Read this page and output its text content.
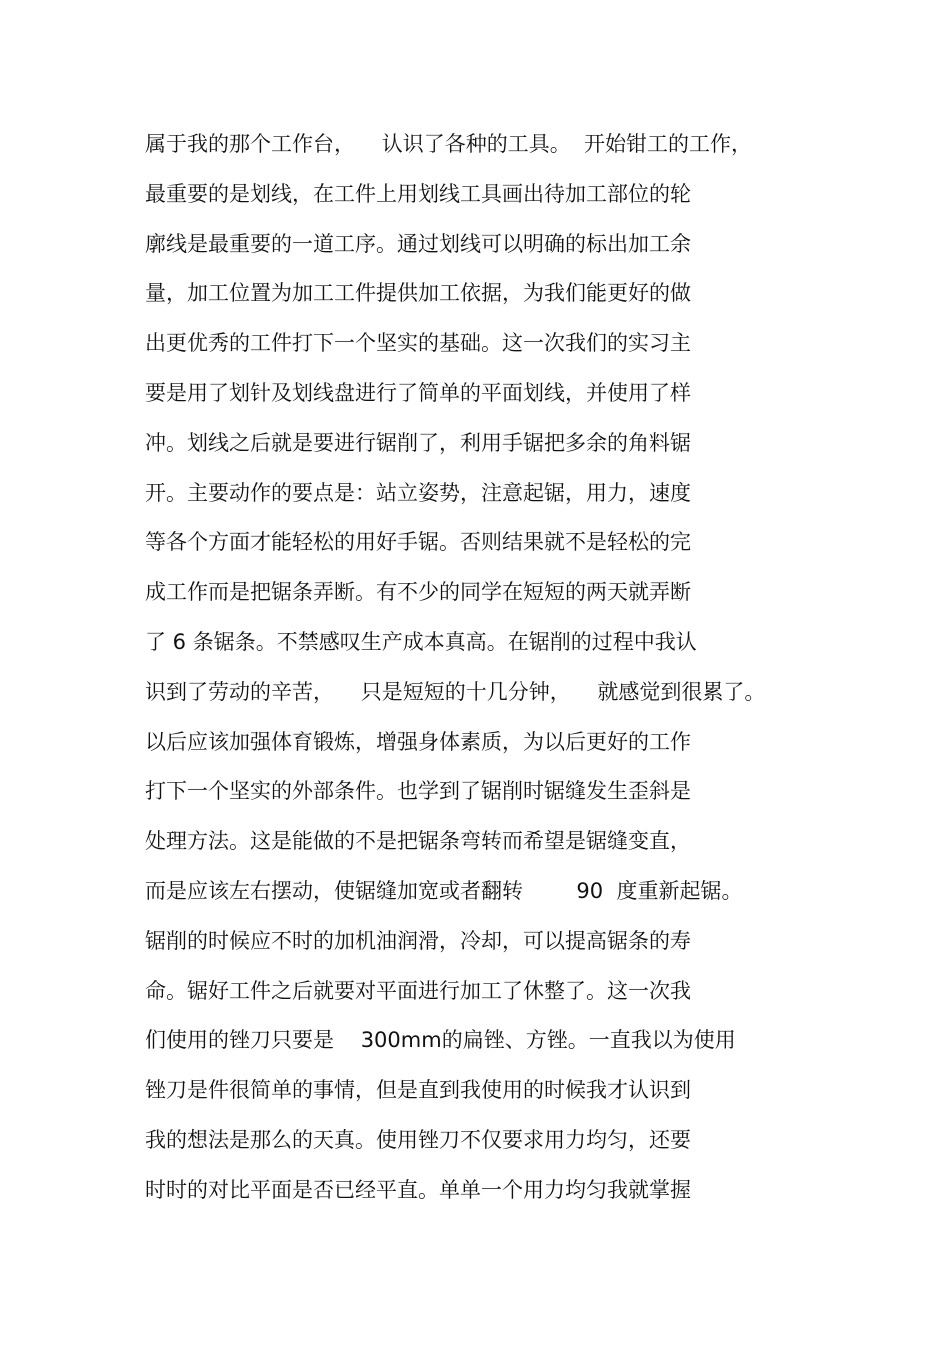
属于我的那个工作台，    认识了各种的工具。  开始钳工的工作，
最重要的是划线，在工件上用划线工具画出待加工部位的轮
廓线是最重要的一道工序。通过划线可以明确的标出加工余
量，加工位置为加工工件提供加工依据，为我们能更好的做
出更优秀的工件打下一个坚实的基础。这一次我们的实习主
要是用了划针及划线盘进行了简单的平面划线，并使用了样
冲。划线之后就是要进行锯削了，利用手锯把多余的角料锯
开。主要动作的要点是：站立姿势，注意起锯，用力，速度
等各个方面才能轻松的用好手锯。否则结果就不是轻松的完
成工作而是把锯条弄断。有不少的同学在短短的两天就弄断
了 6 条锯条。不禁感叹生产成本真高。在锯削的过程中我认
识到了劳动的辛苦，    只是短短的十几分钟，    就感觉到很累了。
以后应该加强体育锻炼，增强身体素质，为以后更好的工作
打下一个坚实的外部条件。也学到了锯削时锯缝发生歪斜是
处理方法。这是能做的不是把锯条弯转而希望是锯缝变直，
而是应该左右摆动，使锯缝加宽或者翻转        90  度重新起锯。
锯削的时候应不时的加机油润滑，冷却，可以提高锯条的寿
命。锯好工件之后就要对平面进行加工了休整了。这一次我
们使用的锉刀只要是    300mm的扁锉、方锉。一直我以为使用
锉刀是件很简单的事情，但是直到我使用的时候我才认识到
我的想法是那么的天真。使用锉刀不仅要求用力均匀，还要
时时的对比平面是否已经平直。单单一个用力均匀我就掌握
